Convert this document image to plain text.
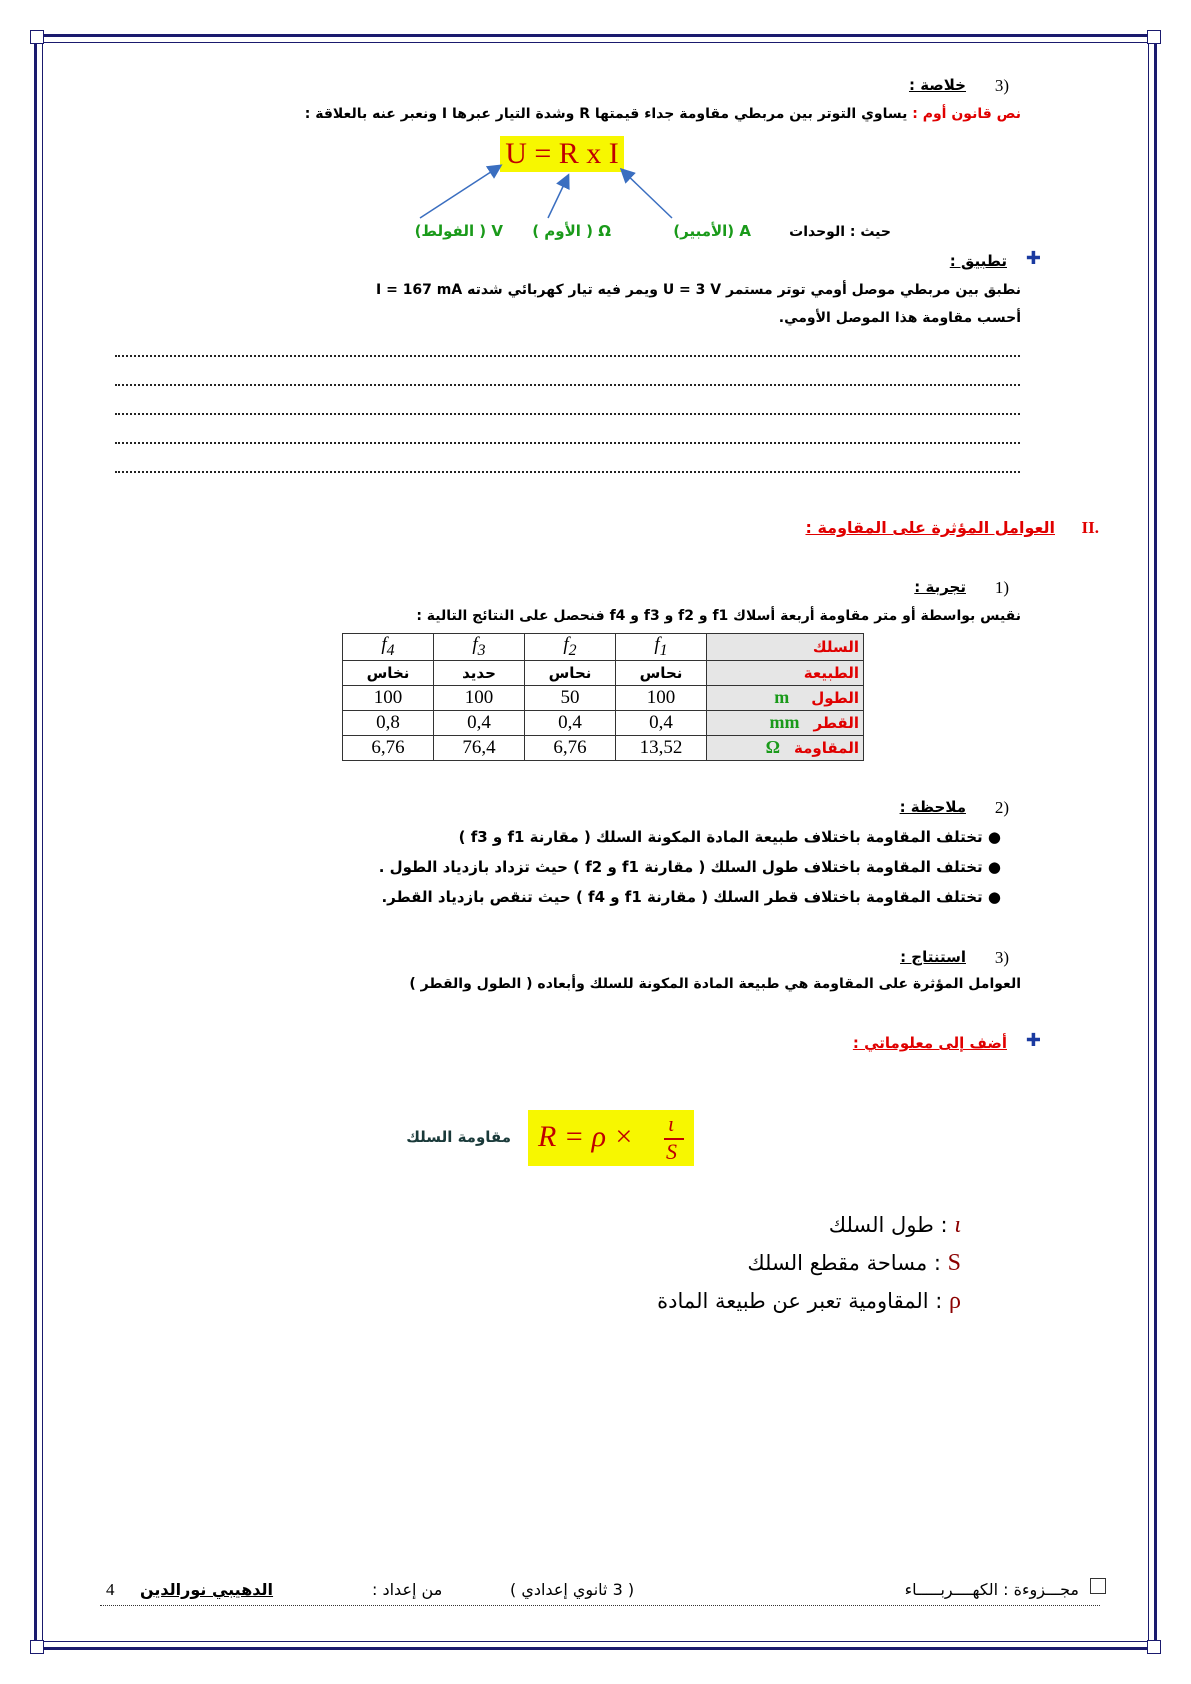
3)
خلاصة :
نص قانون أوم : يساوي التوتر بين مربطي مقاومة جداء قيمتها R وشدة التيار عبرها I ونعبر عنه بالعلاقة :
U = R x I
حيث : الوحدات
A (الأمبير)
Ω ( الأوم )
V ( الفولط)
✚
تطبيق :
نطبق بين مربطي موصل أومي توتر مستمر U = 3 V ويمر فيه تيار كهربائي شدته I = 167 mA
أحسب مقاومة هذا الموصل الأومي.
II.
العوامل المؤثرة على المقاومة :
1)
تجربة :
نقيس بواسطة أو متر مقاومة أربعة أسلاك f1 و f2 و f3 و f4 فنحصل على النتائج التالية :
السلك	$f_1$	$f_2$	$f_3$	$f_4$
الطبيعة	نحاس	نحاس	حديد	نخاس
الطولm	100	50	100	100
القطرmm	0,4	0,4	0,4	0,8
المقاومةΩ	13,52	6,76	76,4	6,76
2)
ملاحظة :
● تختلف المقاومة باختلاف طبيعة المادة المكونة السلك ( مقارنة f1 و f3 )
● تختلف المقاومة باختلاف طول السلك ( مقارنة f1 و f2 ) حيث تزداد بازدياد الطول .
● تختلف المقاومة باختلاف قطر السلك ( مقارنة f1 و f4 ) حيث تنقص بازدياد القطر.
3)
استنتاج :
العوامل المؤثرة على المقاومة هي طبيعة المادة المكونة للسلك وأبعاده ( الطول والقطر )
✚
أضف إلى معلوماتي :
مقاومة السلك R = ρ × ι
S
ι : طول السلك
S : مساحة مقطع السلك
ρ : المقاومية تعبر عن طبيعة المادة
مجـــزوءة : الكهــــربـــــاء
( 3 ثانوي إعدادي )
من إعداد :
الدهيبي نورالدين
4
